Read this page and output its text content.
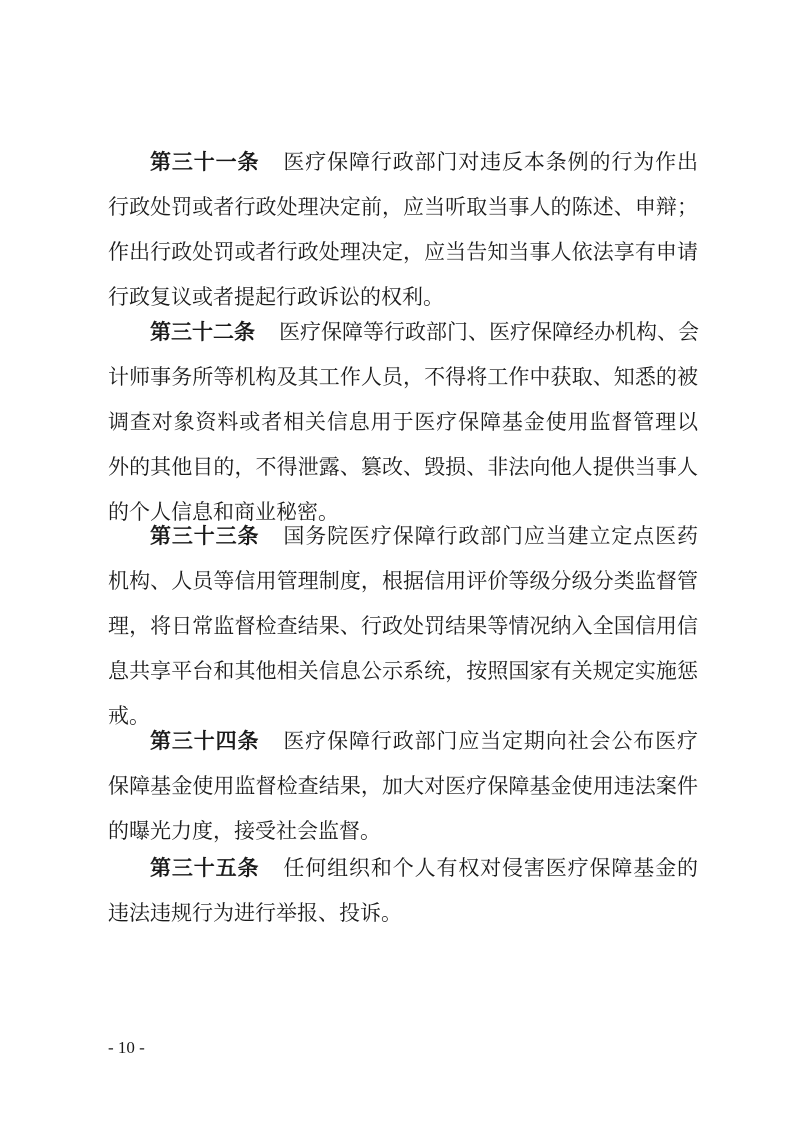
第三十一条 医疗保障行政部门对违反本条例的行为作出
行政处罚或者行政处理决定前，应当听取当事人的陈述、申辩；
作出行政处罚或者行政处理决定，应当告知当事人依法享有申请
行政复议或者提起行政诉讼的权利。
第三十二条 医疗保障等行政部门、医疗保障经办机构、会
计师事务所等机构及其工作人员，不得将工作中获取、知悉的被
调查对象资料或者相关信息用于医疗保障基金使用监督管理以
外的其他目的，不得泄露、篡改、毁损、非法向他人提供当事人
的个人信息和商业秘密。
第三十三条 国务院医疗保障行政部门应当建立定点医药
机构、人员等信用管理制度，根据信用评价等级分级分类监督管
理，将日常监督检查结果、行政处罚结果等情况纳入全国信用信
息共享平台和其他相关信息公示系统，按照国家有关规定实施惩
戒。
第三十四条 医疗保障行政部门应当定期向社会公布医疗
保障基金使用监督检查结果，加大对医疗保障基金使用违法案件
的曝光力度，接受社会监督。
第三十五条 任何组织和个人有权对侵害医疗保障基金的
违法违规行为进行举报、投诉。
- 10 -
